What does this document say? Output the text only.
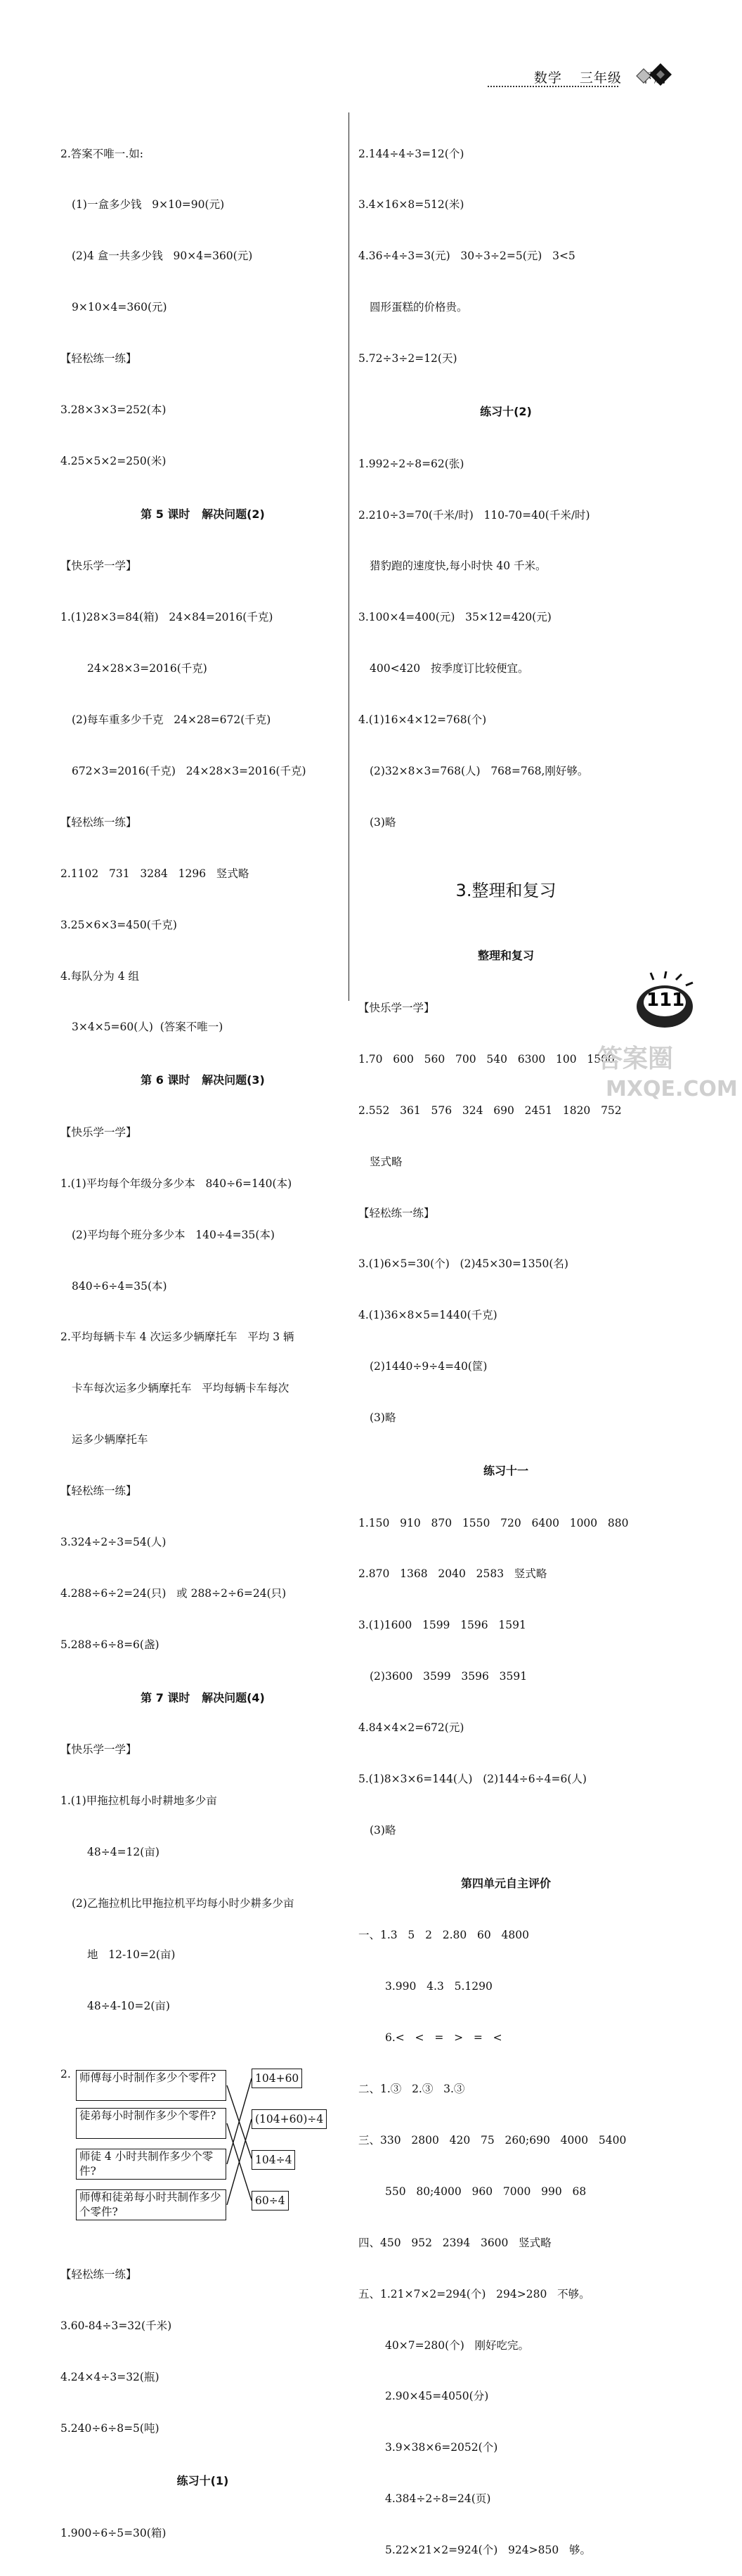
数学 三年级

2.答案不唯一.如:

(1)一盒多少钱   9×10=90(元)

(2)4 盒一共多少钱   90×4=360(元)

9×10×4=360(元)

【轻松练一练】

3.28×3×3=252(本)

4.25×5×2=250(米)

第 5 课时   解决问题(2)

【快乐学一学】

1.(1)28×3=84(箱)   24×84=2016(千克)

24×28×3=2016(千克)

(2)每车重多少千克   24×28=672(千克)

672×3=2016(千克)   24×28×3=2016(千克)

【轻松练一练】

2.1102   731   3284   1296   竖式略

3.25×6×3=450(千克)

4.每队分为 4 组

3×4×5=60(人)  (答案不唯一)

第 6 课时   解决问题(3)

【快乐学一学】

1.(1)平均每个年级分多少本   840÷6=140(本)

(2)平均每个班分多少本   140÷4=35(本)

840÷6÷4=35(本)

2.平均每辆卡车 4 次运多少辆摩托车   平均 3 辆

卡车每次运多少辆摩托车   平均每辆卡车每次

运多少辆摩托车

【轻松练一练】

3.324÷2÷3=54(人)

4.288÷6÷2=24(只)   或 288÷2÷6=24(只)

5.288÷6÷8=6(盏)

第 7 课时   解决问题(4)

【快乐学一学】

1.(1)甲拖拉机每小时耕地多少亩

48÷4=12(亩)

(2)乙拖拉机比甲拖拉机平均每小时少耕多少亩

地   12-10=2(亩)

48÷4-10=2(亩)

2.

师傅每小时制作多少个零件?

徒弟每小时制作多少个零件?

师徒 4 小时共制作多少个零件?

师傅和徒弟每小时共制作多少个零件?

104+60

(104+60)÷4

104÷4

60÷4

【轻松练一练】

3.60-84÷3=32(千米)

4.24×4÷3=32(瓶)

5.240÷6÷8=5(吨)

练习十(1)

1.900÷6÷5=30(箱)

2.144÷4÷3=12(个)

3.4×16×8=512(米)

4.36÷4÷3=3(元)   30÷3÷2=5(元)   3<5

圆形蛋糕的价格贵。

5.72÷3÷2=12(天)

练习十(2)

1.992÷2÷8=62(张)

2.210÷3=70(千米/时)   110-70=40(千米/时)

猎豹跑的速度快,每小时快 40 千米。

3.100×4=400(元)   35×12=420(元)

400<420   按季度订比较便宜。

4.(1)16×4×12=768(个)

(2)32×8×3=768(人)   768=768,刚好够。

(3)略

3.整理和复习

整理和复习

【快乐学一学】

1.70   600   560   700   540   6300   100   1500

2.552   361   576   324   690   2451   1820   752

竖式略

【轻松练一练】

3.(1)6×5=30(个)   (2)45×30=1350(名)

4.(1)36×8×5=1440(千克)

(2)1440÷9÷4=40(筐)

(3)略

练习十一

1.150   910   870   1550   720   6400   1000   880

2.870   1368   2040   2583   竖式略

3.(1)1600   1599   1596   1591

(2)3600   3599   3596   3591

4.84×4×2=672(元)

5.(1)8×3×6=144(人)   (2)144÷6÷4=6(人)

(3)略

第四单元自主评价

一、1.3   5   2   2.80   60   4800

3.990   4.3   5.1290

6.<   <   =   >   =   <

二、1.③   2.③   3.③

三、330   2800   420   75   260;690   4000   5400

550   80;4000   960   7000   990   68

四、450   952   2394   3600   竖式略

五、1.21×7×2=294(个)   294>280   不够。

40×7=280(个)   刚好吃完。

2.90×45=4050(分)

3.9×38×6=2052(个)

4.384÷2÷8=24(页)

5.22×21×2=924(个)   924>850   够。

111
答案圈
MXQE.COM
